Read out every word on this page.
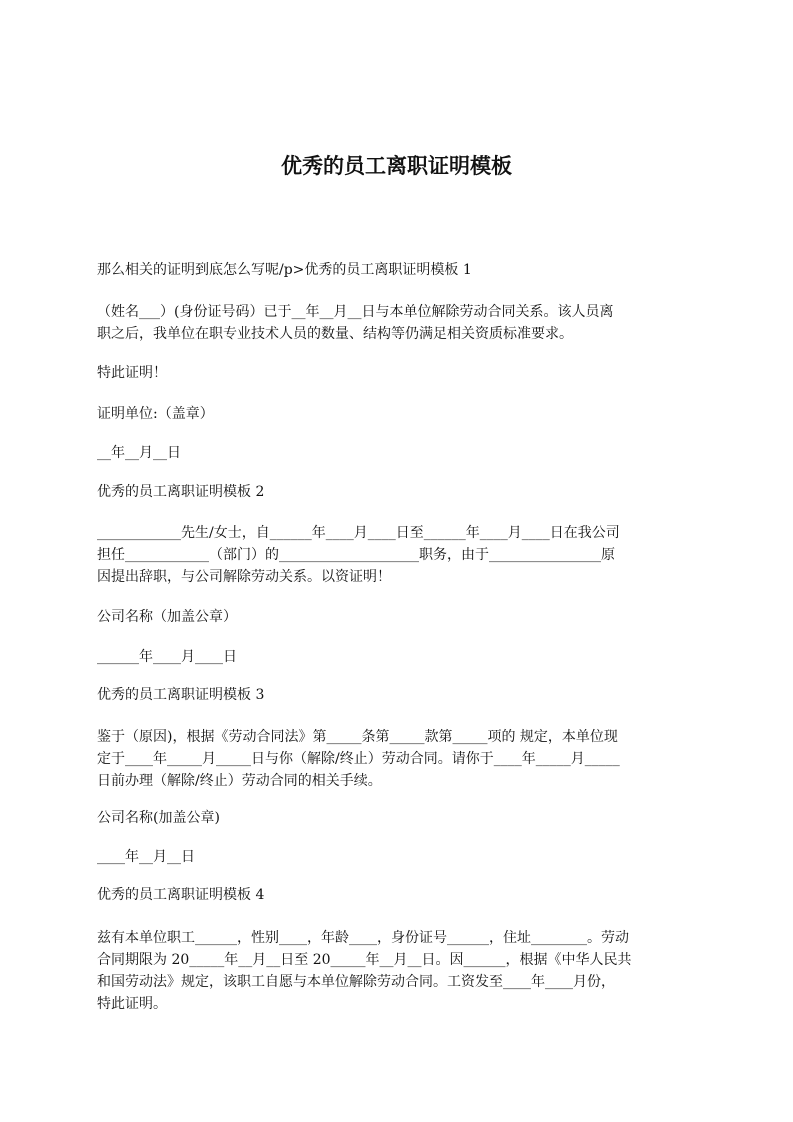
优秀的员工离职证明模板

那么相关的证明到底怎么写呢/p>优秀的员工离职证明模板 1

（姓名___）(身份证号码）已于__年__月__日与本单位解除劳动合同关系。该人员离
职之后，我单位在职专业技术人员的数量、结构等仍满足相关资质标准要求。

特此证明！

证明单位:（盖章）

__年__月__日

优秀的员工离职证明模板 2

____________先生/女士，自______年____月____日至______年____月____日在我公司
担任____________（部门）的____________________职务，由于________________原
因提出辞职，与公司解除劳动关系。以资证明！

公司名称（加盖公章）

______年____月____日

优秀的员工离职证明模板 3

鉴于（原因)，根据《劳动合同法》第_____条第_____款第_____项的 规定，本单位现
定于____年_____月_____日与你（解除/终止）劳动合同。请你于____年_____月_____
日前办理（解除/终止）劳动合同的相关手续。

公司名称(加盖公章)

____年__月__日

优秀的员工离职证明模板 4

兹有本单位职工______，性别____，年龄____，身份证号______，住址________。劳动
合同期限为 20_____年__月__日至 20_____年__月__日。因______，根据《中华人民共
和国劳动法》规定，该职工自愿与本单位解除劳动合同。工资发至____年____月份，
特此证明。
